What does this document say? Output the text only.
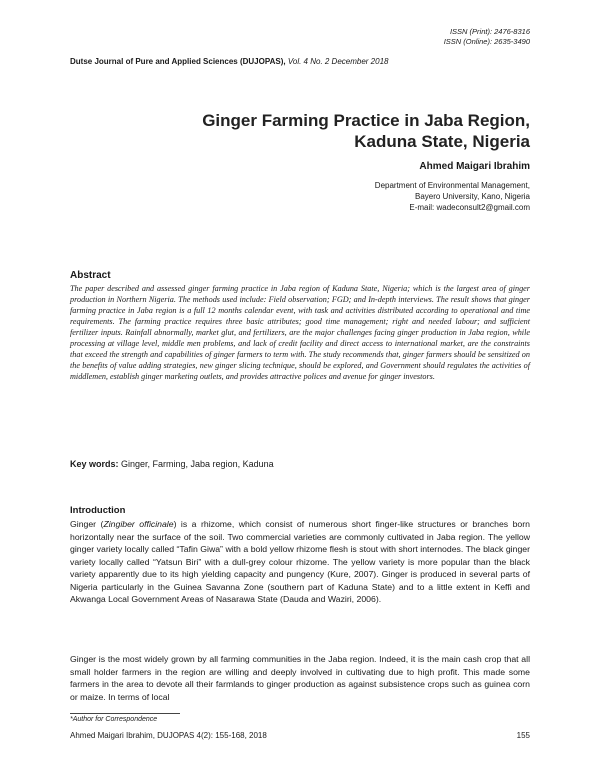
ISSN (Print): 2476-8316
ISSN (Online): 2635-3490
Dutse Journal of Pure and Applied Sciences (DUJOPAS), Vol. 4 No. 2 December 2018
Ginger Farming Practice in Jaba Region,
Kaduna State, Nigeria
Ahmed Maigari Ibrahim
Department of Environmental Management,
Bayero University, Kano, Nigeria
E-mail: wadeconsult2@gmail.com
Abstract
The paper described and assessed ginger farming practice in Jaba region of Kaduna State, Nigeria; which is the largest area of ginger production in Northern Nigeria. The methods used include: Field observation; FGD; and In-depth interviews. The result shows that ginger farming practice in Jaba region is a full 12 months calendar event, with task and activities distributed according to operational and time requirements. The farming practice requires three basic attributes; good time management; right and needed labour; and sufficient fertilizer inputs. Rainfall abnormally, market glut, and fertilizers, are the major challenges facing ginger production in Jaba region, while processing at village level, middle men problems, and lack of credit facility and direct access to international market, are the constraints that exceed the strength and capabilities of ginger farmers to term with. The study recommends that, ginger farmers should be sensitized on the benefits of value adding strategies, new ginger slicing technique, should be explored, and Government should regulates the activities of middlemen, establish ginger marketing outlets, and provides attractive polices and avenue for ginger investors.
Key words: Ginger, Farming, Jaba region, Kaduna
Introduction
Ginger (Zingiber officinale) is a rhizome, which consist of numerous short finger-like structures or branches born horizontally near the surface of the soil. Two commercial varieties are commonly cultivated in Jaba region. The yellow ginger variety locally called “Tafin Giwa” with a bold yellow rhizome flesh is stout with short internodes. The black ginger variety locally called “Yatsun Biri” with a dull-grey colour rhizome. The yellow variety is more popular than the black variety apparently due to its high yielding capacity and pungency (Kure, 2007). Ginger is produced in several parts of Nigeria particularly in the Guinea Savanna Zone (southern part of Kaduna State) and to a little extent in Keffi and Akwanga Local Government Areas of Nasarawa State (Dauda and Waziri, 2006).
Ginger is the most widely grown by all farming communities in the Jaba region. Indeed, it is the main cash crop that all small holder farmers in the region are willing and deeply involved in cultivating due to high profit. This made some farmers in the area to devote all their farmlands to ginger production as against subsistence crops such as guinea corn or maize. In terms of local
*Author for Correspondence
Ahmed Maigari Ibrahim, DUJOPAS 4(2): 155-168, 2018	155
